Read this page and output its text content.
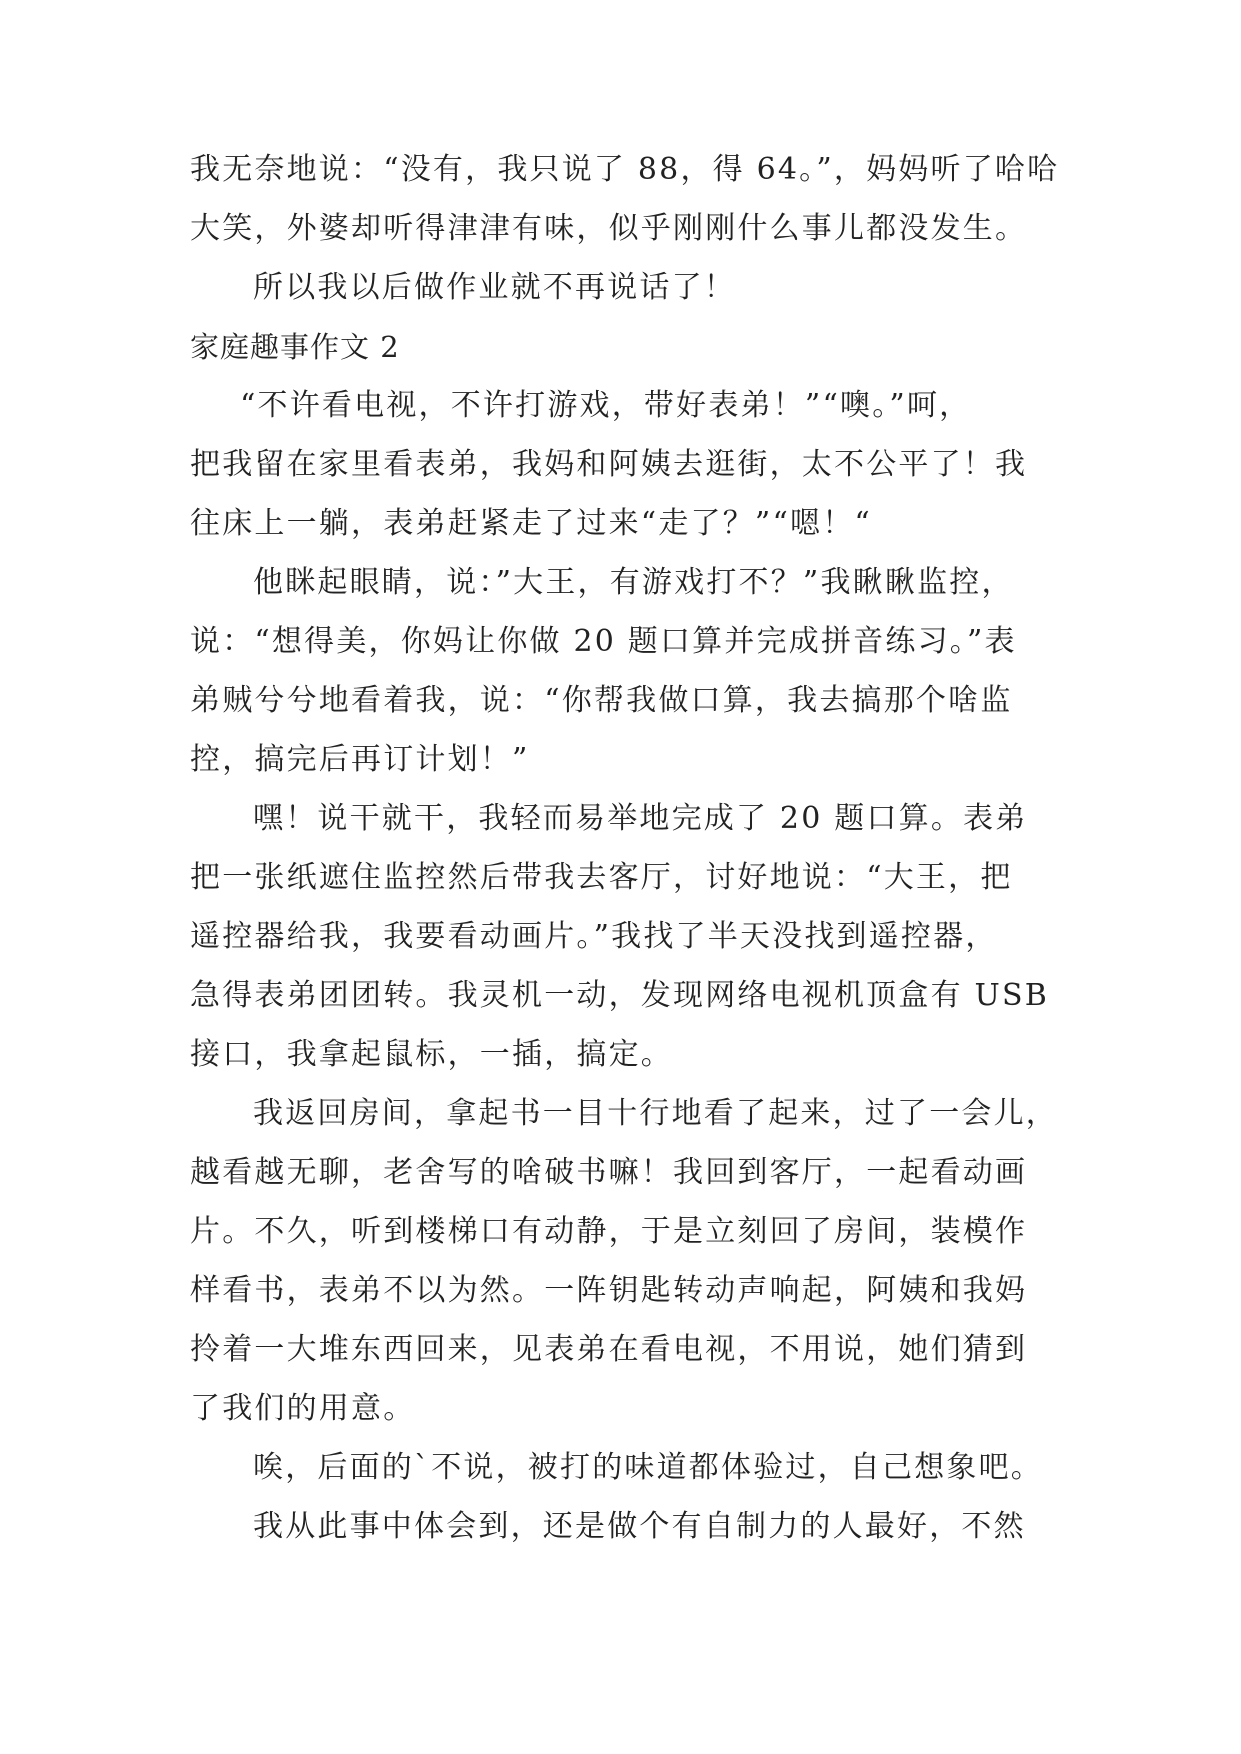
我无奈地说：“没有，我只说了 88，得 64。”，妈妈听了哈哈
大笑，外婆却听得津津有味，似乎刚刚什么事儿都没发生。
所以我以后做作业就不再说话了！
家庭趣事作文 2
“不许看电视，不许打游戏，带好表弟！”“噢。”呵，
把我留在家里看表弟，我妈和阿姨去逛街，太不公平了！我
往床上一躺，表弟赶紧走了过来“走了？”“嗯！“
他眯起眼睛，说：”大王，有游戏打不？”我瞅瞅监控，
说：“想得美，你妈让你做 20 题口算并完成拼音练习。”表
弟贼兮兮地看着我，说：“你帮我做口算，我去搞那个啥监
控，搞完后再订计划！”
嘿！说干就干，我轻而易举地完成了 20 题口算。表弟
把一张纸遮住监控然后带我去客厅，讨好地说：“大王，把
遥控器给我，我要看动画片。”我找了半天没找到遥控器，
急得表弟团团转。我灵机一动，发现网络电视机顶盒有 USB
接口，我拿起鼠标，一插，搞定。
我返回房间，拿起书一目十行地看了起来，过了一会儿，
越看越无聊，老舍写的啥破书嘛！我回到客厅，一起看动画
片。不久，听到楼梯口有动静，于是立刻回了房间，装模作
样看书，表弟不以为然。一阵钥匙转动声响起，阿姨和我妈
拎着一大堆东西回来，见表弟在看电视，不用说，她们猜到
了我们的用意。
唉，后面的`不说，被打的味道都体验过，自己想象吧。
我从此事中体会到，还是做个有自制力的人最好，不然
